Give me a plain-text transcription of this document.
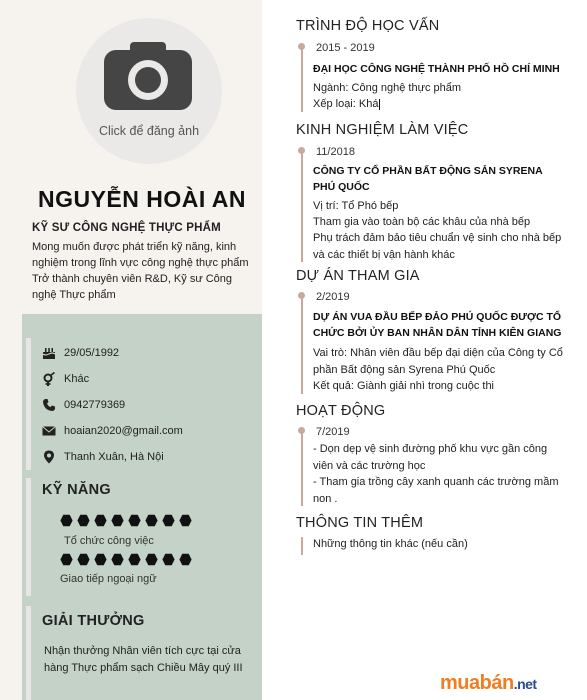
Click để đăng ảnh
NGUYỄN HOÀI AN
KỸ SƯ CÔNG NGHỆ THỰC PHẨM
Mong muốn được phát triển kỹ năng, kinh nghiệm trong lĩnh vực công nghệ thực phẩm Trở thành chuyên viên R&D, Kỹ sư Công nghệ Thực phẩm
29/05/1992
Khác
0942779369
hoaian2020@gmail.com
Thanh Xuân, Hà Nội
KỸ NĂNG
Tổ chức công việc
Giao tiếp ngoại ngữ
GIẢI THƯỞNG
Nhận thưởng Nhân viên tích cực tại cửa hàng Thực phẩm sạch Chiều Mây quý III
TRÌNH ĐỘ HỌC VẤN
2015 - 2019
ĐẠI HỌC CÔNG NGHỆ THÀNH PHỐ HỒ CHÍ MINH
Ngành: Công nghệ thực phẩm
Xếp loại: Khá
KINH NGHIỆM LÀM VIỆC
11/2018
CÔNG TY CỔ PHẦN BẤT ĐỘNG SẢN SYRENA PHÚ QUỐC
Vị trí: Tổ Phó bếp
Tham gia vào toàn bộ các khâu của nhà bếp
Phụ trách đảm bảo tiêu chuẩn vệ sinh cho nhà bếp và các thiết bị vận hành khác
DỰ ÁN THAM GIA
2/2019
DỰ ÁN VUA ĐẦU BẾP ĐẢO PHÚ QUỐC ĐƯỢC TỔ CHỨC BỞI ỦY BAN NHÂN DÂN TỈNH KIÊN GIANG
Vai trò: Nhân viên đầu bếp đại diện của Công ty Cổ phần Bất động sản Syrena Phú Quốc
Kết quả: Giành giải nhì trong cuộc thi
HOẠT ĐỘNG
7/2019
- Dọn dẹp vệ sinh đường phố khu vực gần công viên và các trường học
- Tham gia trồng cây xanh quanh các trường mầm non .
THÔNG TIN THÊM
Những thông tin khác (nếu cần)
muabán.net
